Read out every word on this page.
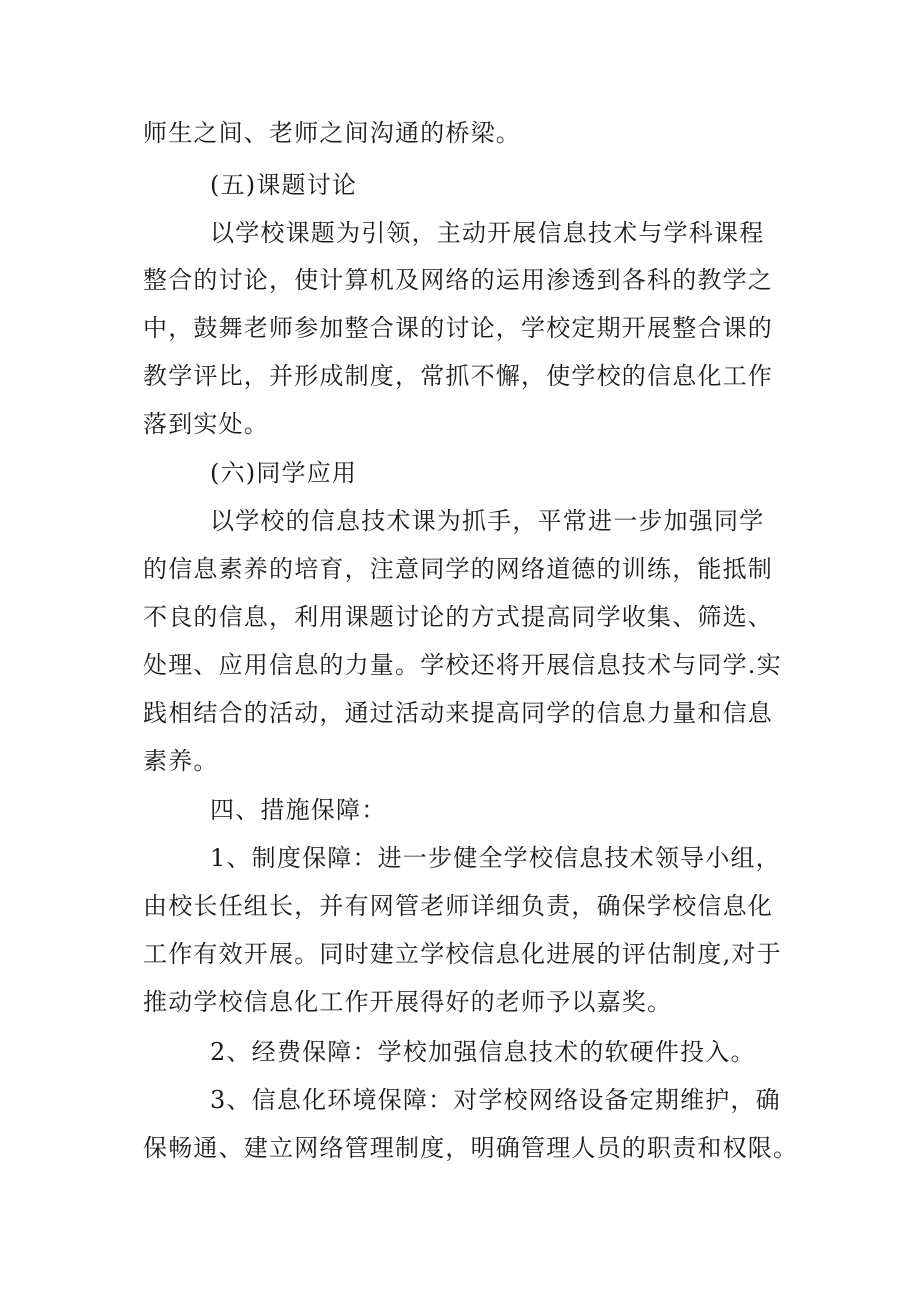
师生之间、老师之间沟通的桥梁。
(五)课题讨论
以学校课题为引领，主动开展信息技术与学科课程
整合的讨论，使计算机及网络的运用渗透到各科的教学之
中，鼓舞老师参加整合课的讨论，学校定期开展整合课的
教学评比，并形成制度，常抓不懈，使学校的信息化工作
落到实处。
(六)同学应用
以学校的信息技术课为抓手，平常进一步加强同学
的信息素养的培育，注意同学的网络道德的训练，能抵制
不良的信息，利用课题讨论的方式提高同学收集、筛选、
处理、应用信息的力量。学校还将开展信息技术与同学.实
践相结合的活动，通过活动来提高同学的信息力量和信息
素养。
四、措施保障：
1、制度保障：进一步健全学校信息技术领导小组，
由校长任组长，并有网管老师详细负责，确保学校信息化
工作有效开展。同时建立学校信息化进展的评估制度,对于
推动学校信息化工作开展得好的老师予以嘉奖。
2、经费保障：学校加强信息技术的软硬件投入。
3、信息化环境保障：对学校网络设备定期维护，确
保畅通、建立网络管理制度，明确管理人员的职责和权限。
